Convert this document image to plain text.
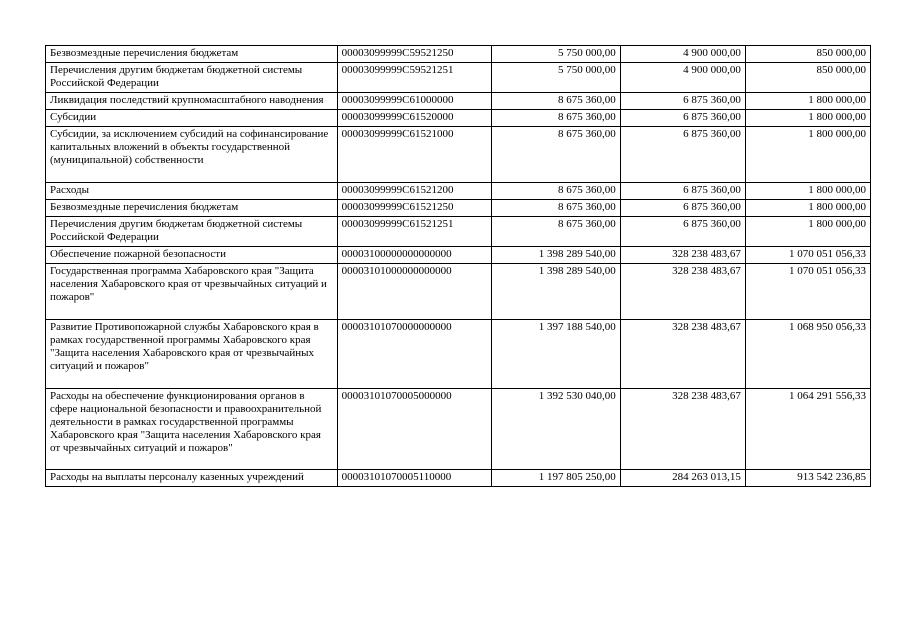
Безвозмездные перечисления бюджетам	00003099999С59521250	5 750 000,00	4 900 000,00	850 000,00
Перечисления другим бюджетам бюджетной системы Российской Федерации	00003099999С59521251	5 750 000,00	4 900 000,00	850 000,00
Ликвидация последствий крупномасштабного наводнения	00003099999С61000000	8 675 360,00	6 875 360,00	1 800 000,00
Субсидии	00003099999С61520000	8 675 360,00	6 875 360,00	1 800 000,00
Субсидии, за исключением субсидий на софинансирование капитальных вложений в объекты государственной (муниципальной) собственности	00003099999С61521000	8 675 360,00	6 875 360,00	1 800 000,00
Расходы	00003099999С61521200	8 675 360,00	6 875 360,00	1 800 000,00
Безвозмездные перечисления бюджетам	00003099999С61521250	8 675 360,00	6 875 360,00	1 800 000,00
Перечисления другим бюджетам бюджетной системы Российской Федерации	00003099999С61521251	8 675 360,00	6 875 360,00	1 800 000,00
Обеспечение пожарной безопасности	00003100000000000000	1 398 289 540,00	328 238 483,67	1 070 051 056,33
Государственная программа Хабаровского края "Защита населения Хабаровского края от чрезвычайных ситуаций и пожаров"	00003101000000000000	1 398 289 540,00	328 238 483,67	1 070 051 056,33
Развитие Противопожарной службы Хабаровского края в рамках государственной программы Хабаровского края "Защита населения Хабаровского края от чрезвычайных ситуаций и пожаров"	00003101070000000000	1 397 188 540,00	328 238 483,67	1 068 950 056,33
Расходы на обеспечение функционирования органов в сфере национальной безопасности и правоохранительной деятельности в рамках государственной программы Хабаровского края "Защита населения Хабаровского края от чрезвычайных ситуаций и пожаров"	00003101070005000000	1 392 530 040,00	328 238 483,67	1 064 291 556,33
Расходы на выплаты персоналу казенных учреждений	00003101070005110000	1 197 805 250,00	284 263 013,15	913 542 236,85
